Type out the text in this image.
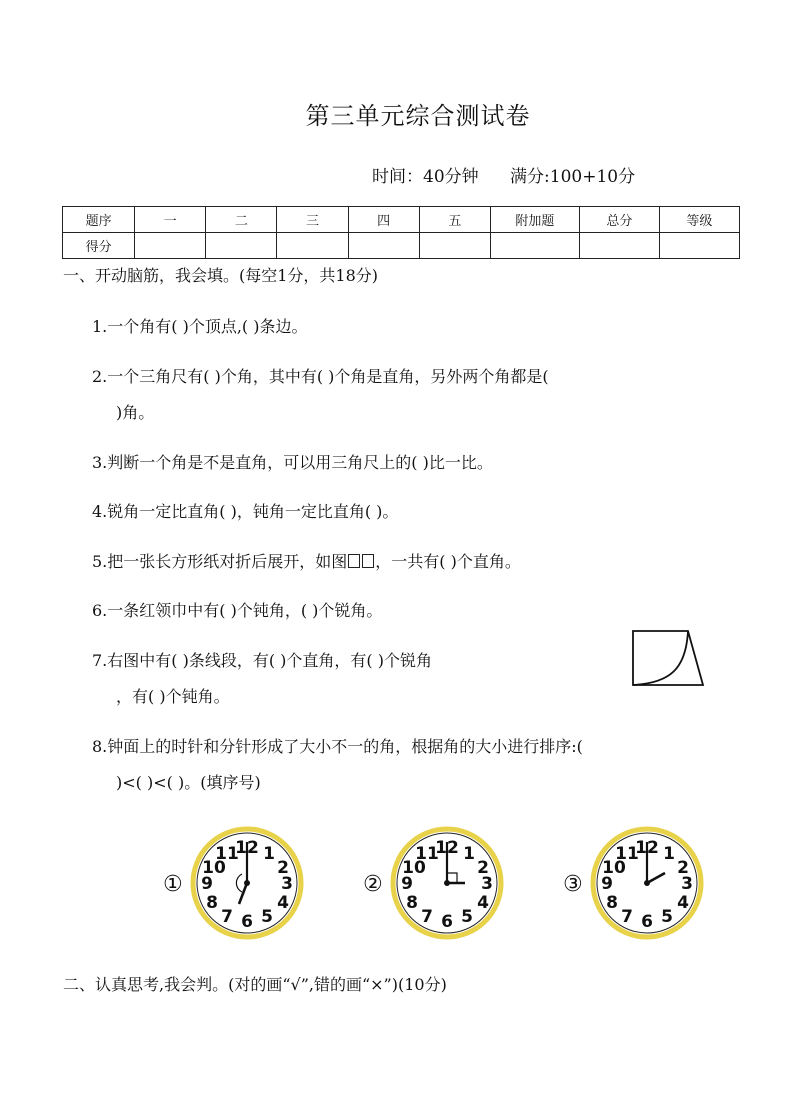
第三单元综合测试卷
时间：40分钟 满分:100+10分
题序	一	二	三	四	五	附加题	总分	等级
得分								
一、开动脑筋，我会填。(每空1分，共18分)
1.一个角有( )个顶点,( )条边。
2.一个三角尺有( )个角，其中有( )个角是直角，另外两个角都是(
)角。
3.判断一个角是不是直角，可以用三角尺上的( )比一比。
4.锐角一定比直角( )，钝角一定比直角( )。
5.把一张长方形纸对折后展开，如图 ，一共有( )个直角。
6.一条红领巾中有( )个钝角，( )个锐角。
7.右图中有( )条线段，有( )个直角，有( )个锐角
，有( )个钝角。
8.钟面上的时针和分针形成了大小不一的角，根据角的大小进行排序:(
)<( )<( )。(填序号)
①
12 1
2
3
4
5
6
7
8
9
10
11
②
12 1
2
3
4
5
6
7
8
9
10
11
③
12 1
2
3
4
5
6
7
8
9
10
11
二、认真思考,我会判。(对的画“√”,错的画“×”)(10分)
